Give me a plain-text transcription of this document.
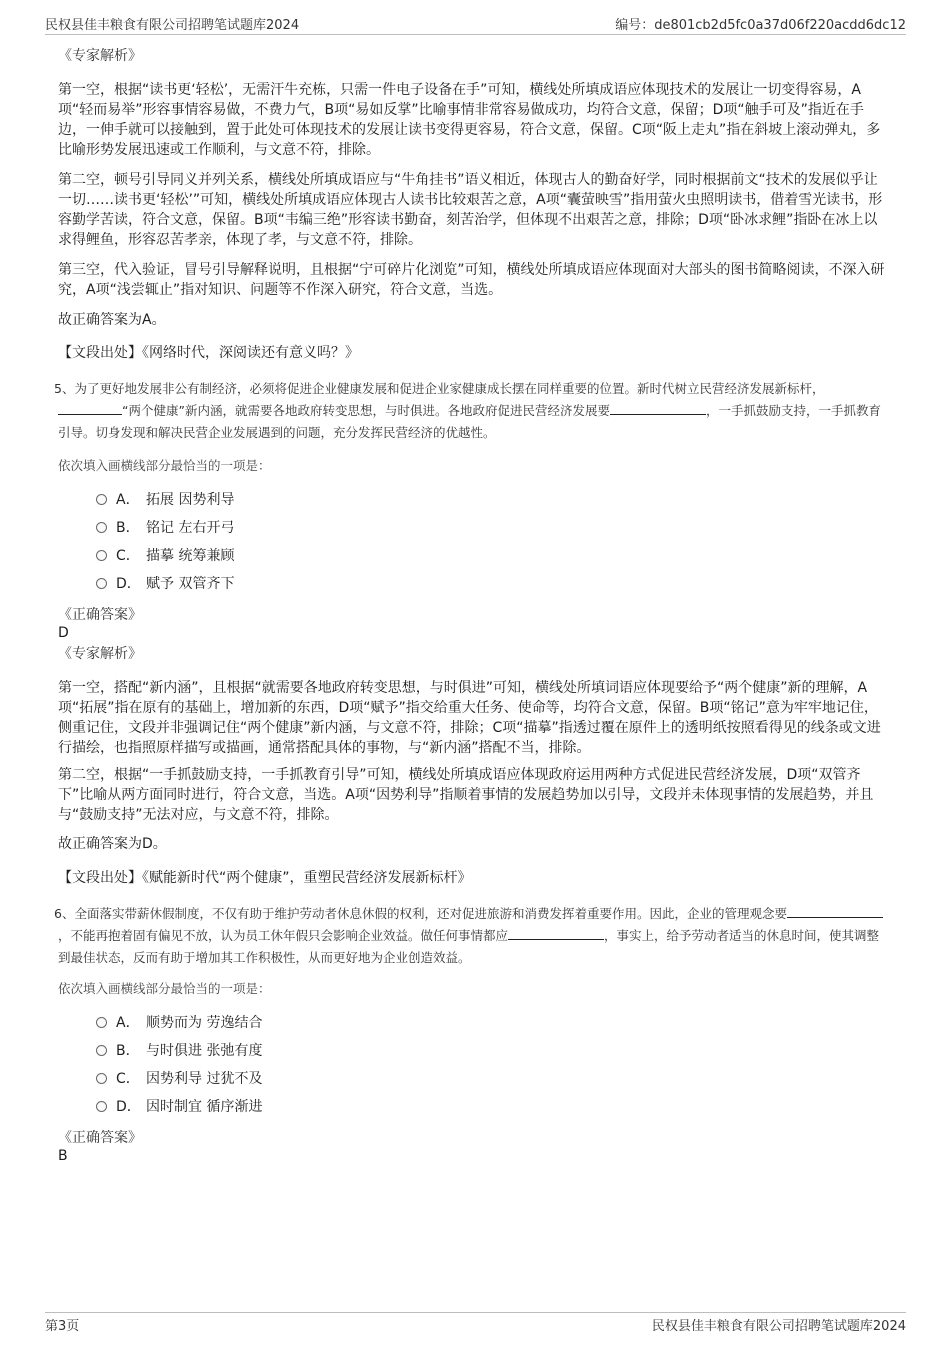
民权县佳丰粮食有限公司招聘笔试题库2024	编号：de801cb2d5fc0a37d06f220acdd6dc12

《专家解析》

第一空，根据“读书更‘轻松’，无需汗牛充栋，只需一件电子设备在手”可知，横线处所填成语应体现技术的发展让一切变得容易，A项“轻而易举”形容事情容易做，不费力气，B项“易如反掌”比喻事情非常容易做成功，均符合文意，保留；D项“触手可及”指近在手边，一伸手就可以接触到，置于此处可体现技术的发展让读书变得更容易，符合文意，保留。C项“阪上走丸”指在斜坡上滚动弹丸，多比喻形势发展迅速或工作顺利，与文意不符，排除。

第二空，顿号引导同义并列关系，横线处所填成语应与“牛角挂书”语义相近，体现古人的勤奋好学，同时根据前文“技术的发展似乎让一切……读书更‘轻松’”可知，横线处所填成语应体现古人读书比较艰苦之意，A项“囊萤映雪”指用萤火虫照明读书，借着雪光读书，形容勤学苦读，符合文意，保留。B项“韦编三绝”形容读书勤奋，刻苦治学，但体现不出艰苦之意，排除；D项“卧冰求鲤”指卧在冰上以求得鲤鱼，形容忍苦孝亲，体现了孝，与文意不符，排除。

第三空，代入验证，冒号引导解释说明，且根据“宁可碎片化浏览”可知，横线处所填成语应体现面对大部头的图书简略阅读，不深入研究，A项“浅尝辄止”指对知识、问题等不作深入研究，符合文意，当选。

故正确答案为A。

【文段出处】《网络时代，深阅读还有意义吗？》

5、为了更好地发展非公有制经济，必须将促进企业健康发展和促进企业家健康成长摆在同样重要的位置。新时代树立民营经济发展新标杆，“两个健康”新内涵，就需要各地政府转变思想，与时俱进。各地政府促进民营经济发展要	，一手抓鼓励支持，一手抓教育引导。切身发现和解决民营企业发展遇到的问题，充分发挥民营经济的优越性。

依次填入画横线部分最恰当的一项是：

A． 拓展 因势利导
B． 铭记 左右开弓
C． 描摹 统筹兼顾
D． 赋予 双管齐下

《正确答案》

D

《专家解析》

第一空，搭配“新内涵”，且根据“就需要各地政府转变思想，与时俱进”可知，横线处所填词语应体现要给予“两个健康”新的理解，A项“拓展”指在原有的基础上，增加新的东西，D项“赋予”指交给重大任务、使命等，均符合文意，保留。B项“铭记”意为牢牢地记住，侧重记住，文段并非强调记住“两个健康”新内涵，与文意不符，排除；C项“描摹”指透过覆在原件上的透明纸按照看得见的线条或文进行描绘，也指照原样描写或描画，通常搭配具体的事物，与“新内涵”搭配不当，排除。

第二空，根据“一手抓鼓励支持，一手抓教育引导”可知，横线处所填成语应体现政府运用两种方式促进民营经济发展，D项“双管齐下”比喻从两方面同时进行，符合文意，当选。A项“因势利导”指顺着事情的发展趋势加以引导，文段并未体现事情的发展趋势，并且与“鼓励支持”无法对应，与文意不符，排除。

故正确答案为D。

【文段出处】《赋能新时代“两个健康”，重塑民营经济发展新标杆》

6、全面落实带薪休假制度，不仅有助于维护劳动者休息休假的权利，还对促进旅游和消费发挥着重要作用。因此，企业的管理观念要，不能再抱着固有偏见不放，认为员工休年假只会影响企业效益。做任何事情都应	，事实上，给予劳动者适当的休息时间，使其调整到最佳状态，反而有助于增加其工作积极性，从而更好地为企业创造效益。

依次填入画横线部分最恰当的一项是：

A． 顺势而为 劳逸结合
B． 与时俱进 张弛有度
C． 因势利导 过犹不及
D． 因时制宜 循序渐进

《正确答案》

B

第3页	民权县佳丰粮食有限公司招聘笔试题库2024
